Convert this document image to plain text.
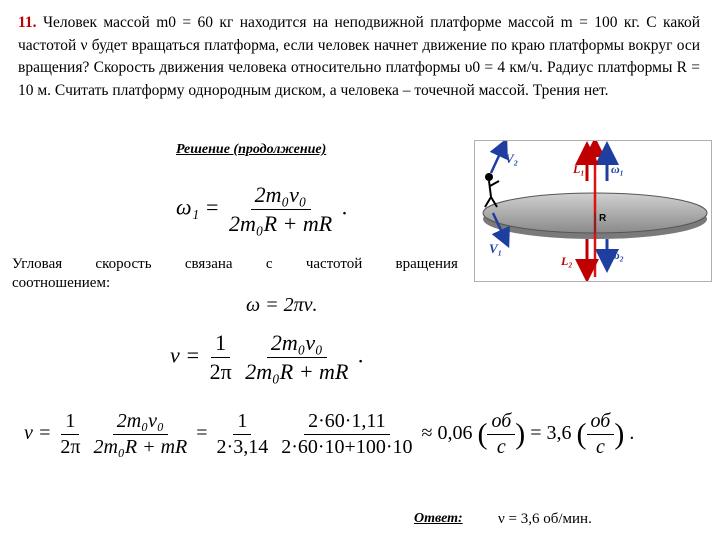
11. Человек массой m0 = 60 кг находится на неподвижной платформе массой m = 100 кг. С какой частотой ν будет вращаться платформа, если человек начнет движение по краю платформы вокруг оси вращения? Скорость движения человека относительно платформы υ0 = 4 км/ч. Радиус платформы R = 10 м. Считать платформу однородным диском, а человека – точечной массой. Трения нет.
Решение (продолжение)
$\omega_1 = \frac{\text{2m₀v₀}}{\text{2m₀R + mR}}$ .
Угловая скорость связана с частотой вращения
соотношением:
ω = 2πν.
$\nu = \frac{1}{2\pi}$
$\frac{\text{2m₀v₀}}{\text{2m₀R + mR}}$ .
$\nu = \frac{1}{2\pi}$
$\frac{\text{2m₀v₀}}{\text{2m₀R + mR}} = \frac{1}{2\cdot 3,14}$
$\frac{2\cdot 60\cdot 1,11}{2\cdot 60\cdot 10+100\cdot 10} \approx 0,06$ ( $\frac{об}{с}$ ) = 3,6 ( $\frac{об}{с}$ ) .
Ответ: ν = 3,6 об/мин.
R
V₂
V₁
L₁ ω₁
L₂	ω₂
